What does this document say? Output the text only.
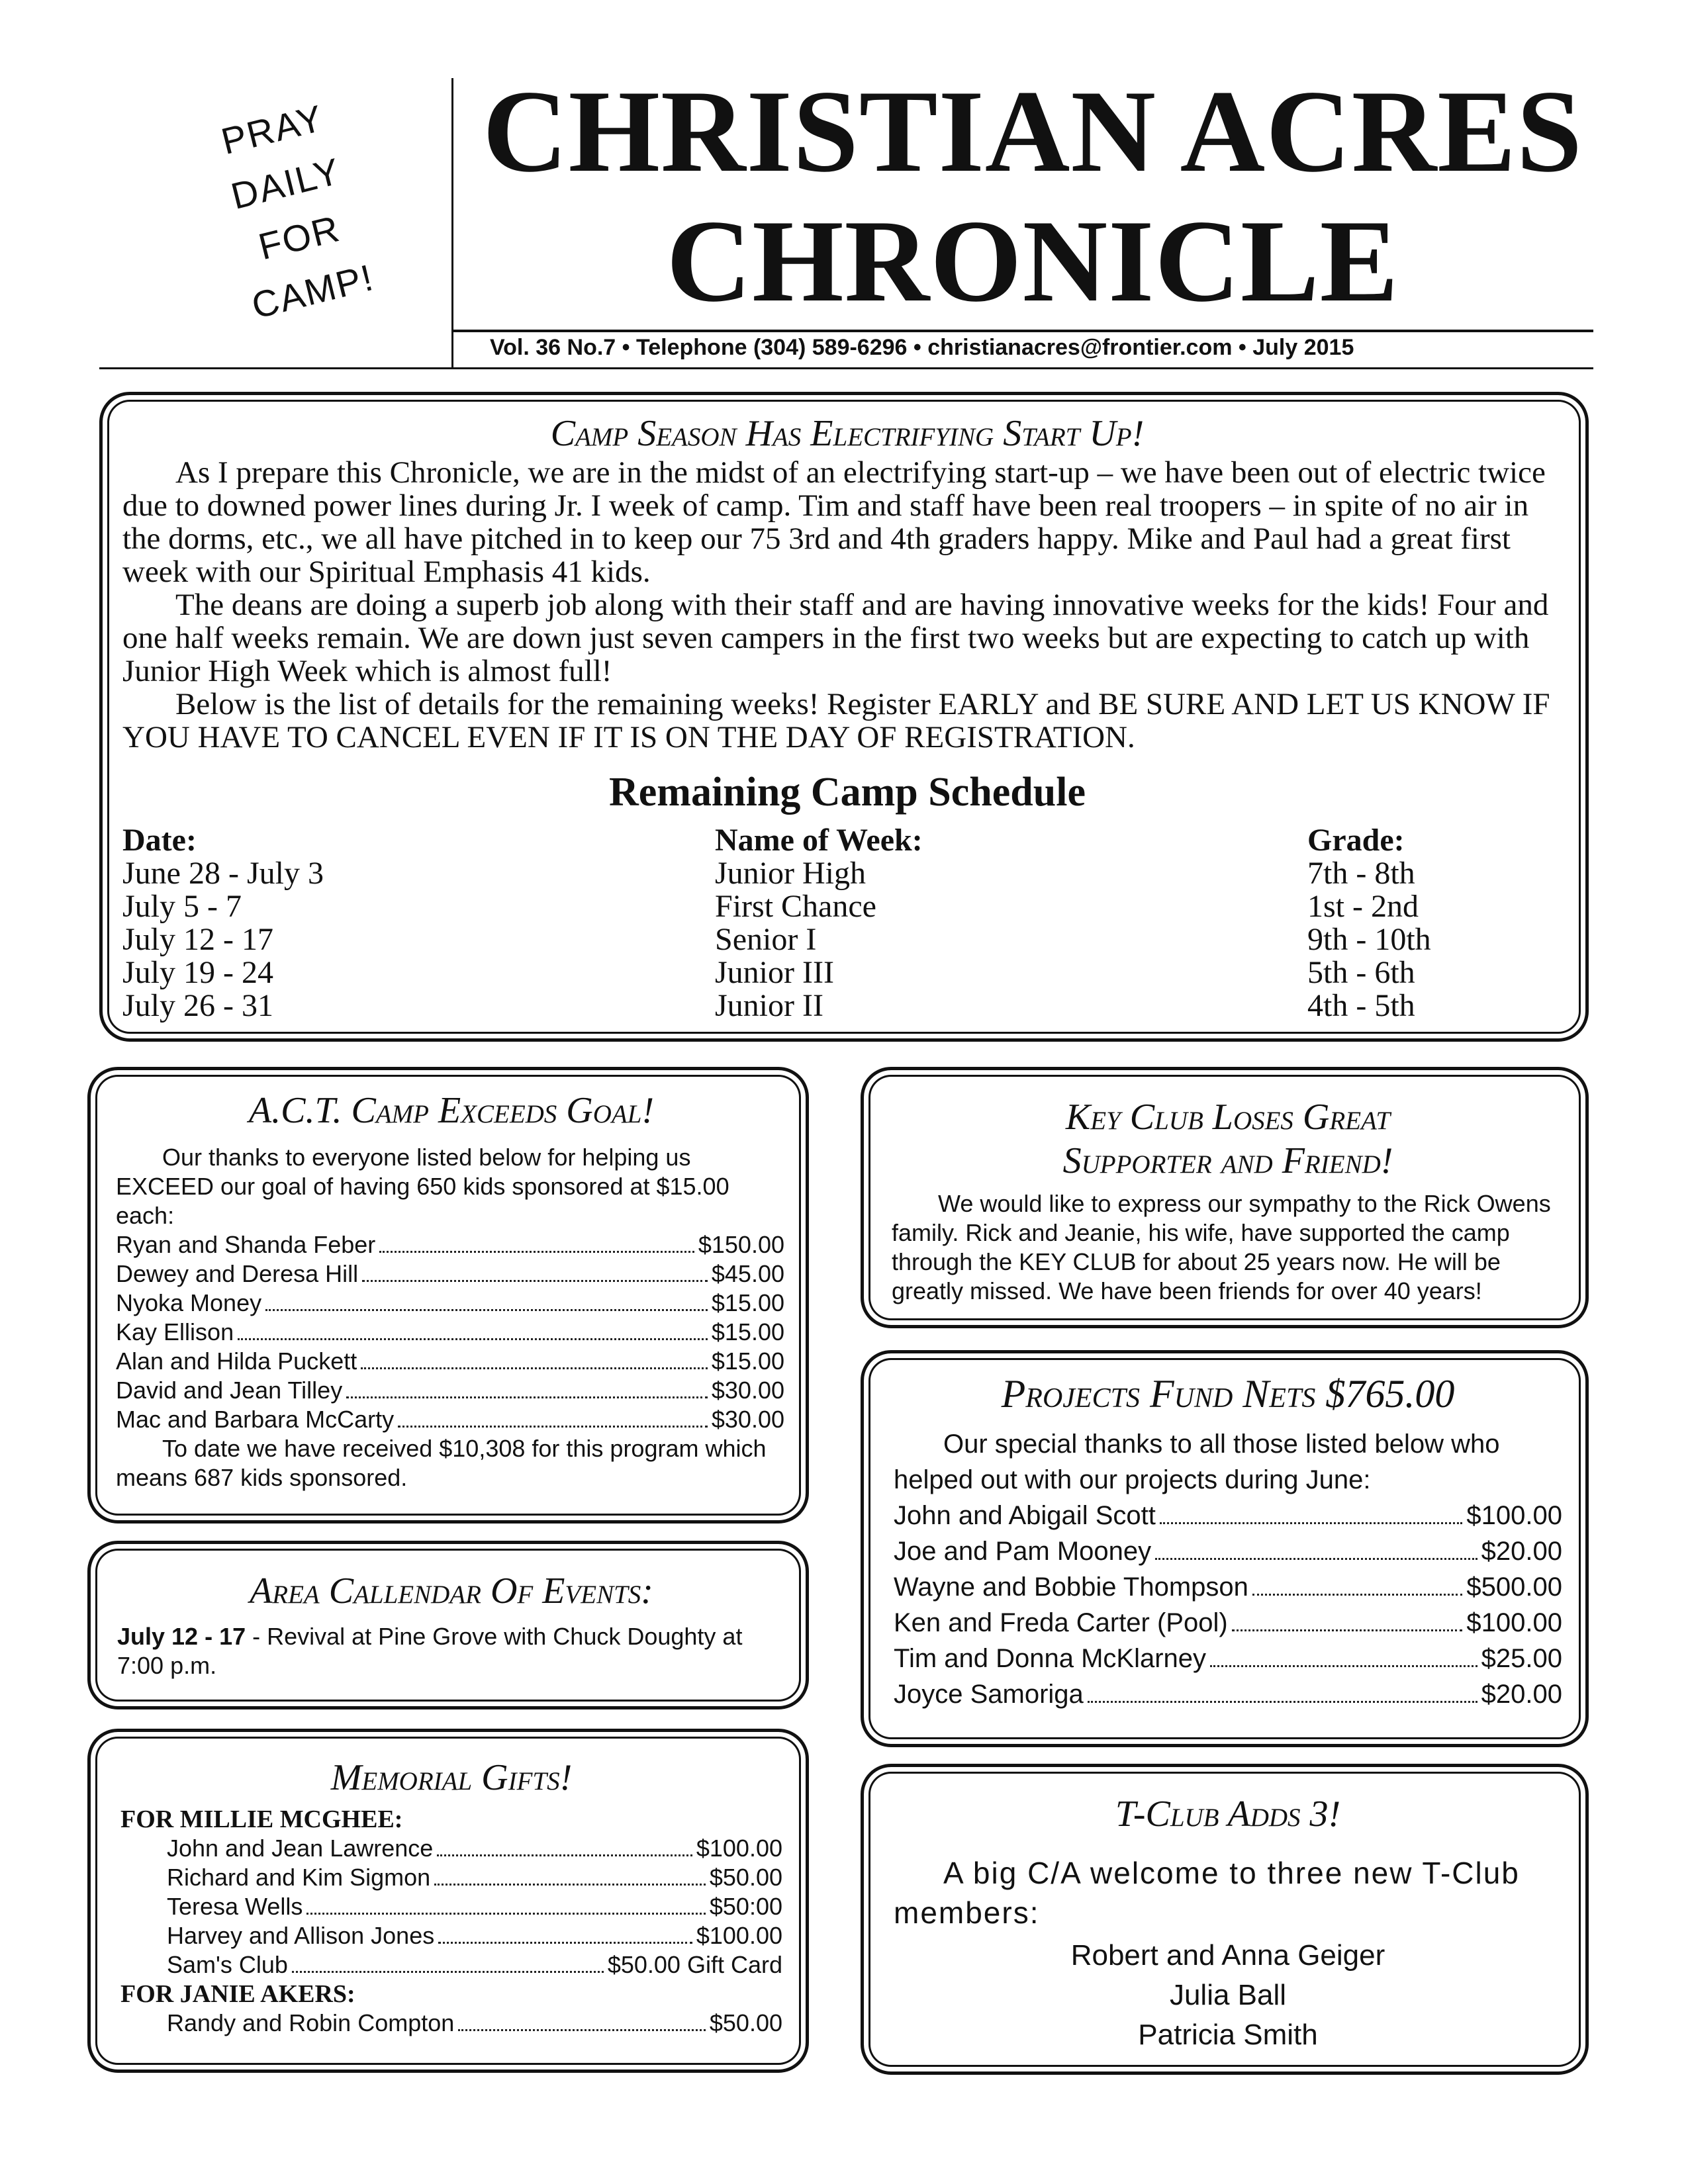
PRAY
DAILY
FOR
CAMP!
CHRISTIAN ACRES
CHRONICLE
Vol. 36 No.7 • Telephone (304) 589-6296 • christianacres@frontier.com • July 2015
Camp Season Has Electrifying Start Up!
As I prepare this Chronicle, we are in the midst of an electrifying start-up – we have been out of electric twice due to downed power lines during Jr. I week of camp. Tim and staff have been real troopers – in spite of no air in the dorms, etc., we all have pitched in to keep our 75 3rd and 4th graders happy. Mike and Paul had a great first week with our Spiritual Emphasis 41 kids.
The deans are doing a superb job along with their staff and are having innovative weeks for the kids! Four and one half weeks remain. We are down just seven campers in the first two weeks but are expecting to catch up with Junior High Week which is almost full!
Below is the list of details for the remaining weeks! Register EARLY and BE SURE AND LET US KNOW IF YOU HAVE TO CANCEL EVEN IF IT IS ON THE DAY OF REGISTRATION.
Remaining Camp Schedule
Date:	Name of Week:	Grade:
June 28 - July 3	Junior High	7th - 8th
July 5 - 7	First Chance	1st - 2nd
July 12 - 17	Senior I	9th - 10th
July 19 - 24	Junior III	5th - 6th
July 26 - 31	Junior II	4th - 5th
A.C.T. Camp Exceeds Goal!
Our thanks to everyone listed below for helping us EXCEED our goal of having 650 kids sponsored at $15.00 each:
Ryan and Shanda Feber	$150.00
Dewey and Deresa Hill	$45.00
Nyoka Money	$15.00
Kay Ellison	$15.00
Alan and Hilda Puckett	$15.00
David and Jean Tilley	$30.00
Mac and Barbara McCarty	$30.00
To date we have received $10,308 for this program which means 687 kids sponsored.
Area Callendar Of Events:
July 12 - 17 - Revival at Pine Grove with Chuck Doughty at 7:00 p.m.
Memorial Gifts!
FOR MILLIE MCGHEE:
John and Jean Lawrence	$100.00
Richard and Kim Sigmon	$50.00
Teresa Wells	$50:00
Harvey and Allison Jones	$100.00
Sam's Club	$50.00 Gift Card
FOR JANIE AKERS:
Randy and Robin Compton	$50.00
Key Club Loses Great
Supporter and Friend!
We would like to express our sympathy to the Rick Owens family. Rick and Jeanie, his wife, have supported the camp through the KEY CLUB for about 25 years now. He will be greatly missed. We have been friends for over 40 years!
Projects Fund Nets $765.00
Our special thanks to all those listed below who helped out with our projects during June:
John and Abigail Scott	$100.00
Joe and Pam Mooney	$20.00
Wayne and Bobbie Thompson	$500.00
Ken and Freda Carter (Pool)	$100.00
Tim and Donna McKlarney	$25.00
Joyce Samoriga	$20.00
T-Club Adds 3!
A big C/A welcome to three new T-Club members:
Robert and Anna Geiger
Julia Ball
Patricia Smith
